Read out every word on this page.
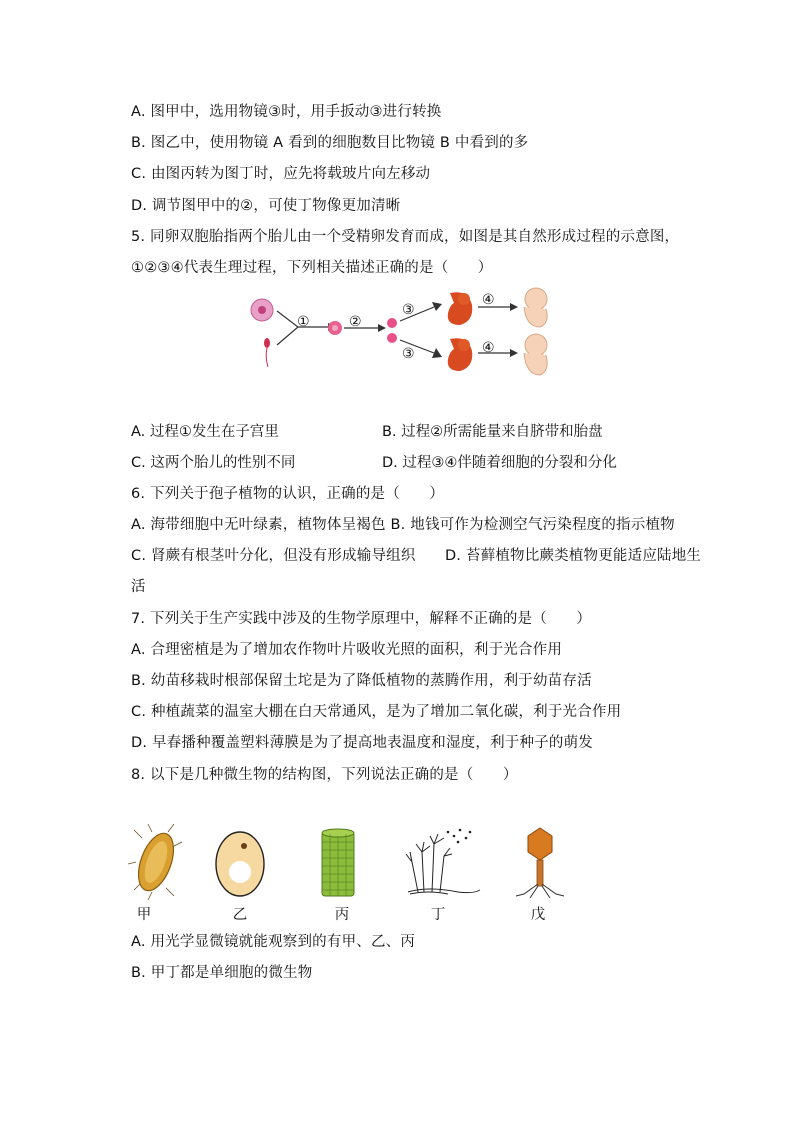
A. 图甲中，选用物镜③时，用手扳动③进行转换
B. 图乙中，使用物镜 A 看到的细胞数目比物镜 B 中看到的多
C. 由图丙转为图丁时，应先将载玻片向左移动
D. 调节图甲中的②，可使丁物像更加清晰
5. 同卵双胞胎指两个胎儿由一个受精卵发育而成，如图是其自然形成过程的示意图，
①②③④代表生理过程，下列相关描述正确的是（　　）
①	②
③
③
④
④
A. 过程①发生在子宫里	B. 过程②所需能量来自脐带和胎盘
C. 这两个胎儿的性别不同	D. 过程③④伴随着细胞的分裂和分化
6. 下列关于孢子植物的认识，正确的是（　　）
A. 海带细胞中无叶绿素，植物体呈褐色 B. 地钱可作为检测空气污染程度的指示植物
C. 肾蕨有根茎叶分化，但没有形成输导组织　　D. 苔藓植物比蕨类植物更能适应陆地生
活
7. 下列关于生产实践中涉及的生物学原理中，解释不正确的是（　　）
A. 合理密植是为了增加农作物叶片吸收光照的面积，利于光合作用
B. 幼苗移栽时根部保留土坨是为了降低植物的蒸腾作用，利于幼苗存活
C. 种植蔬菜的温室大棚在白天常通风，是为了增加二氧化碳，利于光合作用
D. 早春播种覆盖塑料薄膜是为了提高地表温度和湿度，利于种子的萌发
8. 以下是几种微生物的结构图，下列说法正确的是（　　）
甲	乙	丙	丁	戊
A. 用光学显微镜就能观察到的有甲、乙、丙
B. 甲丁都是单细胞的微生物
